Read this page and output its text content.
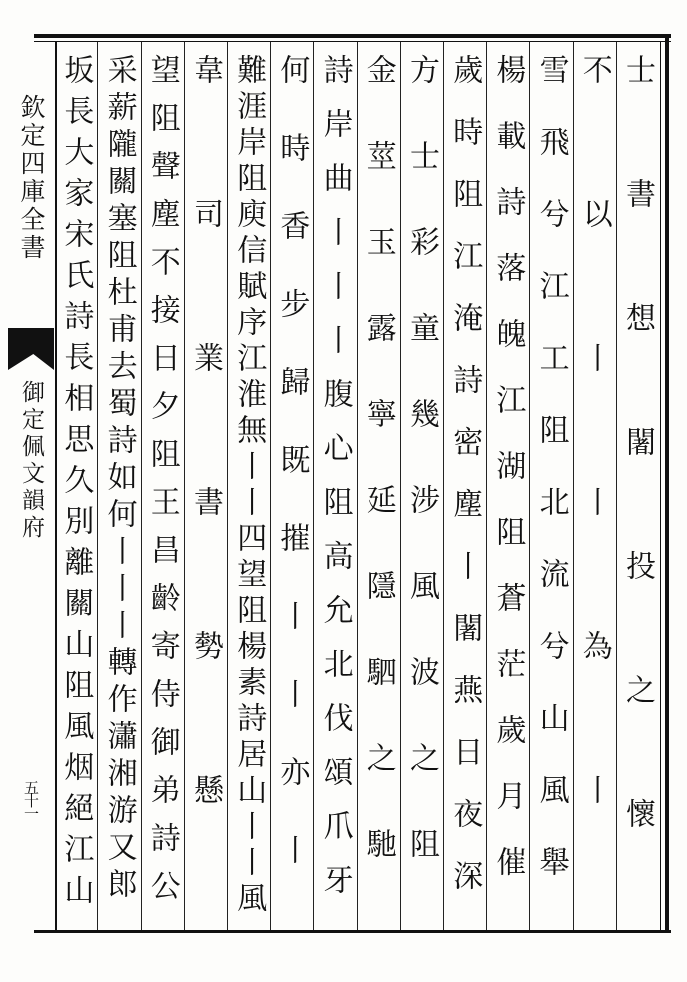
欽定四庫全書
御定佩文韻府
五十一	士書想闍投之懷
不以丨丨為丨
雪飛兮江工阻北流兮山風舉
楊載詩落魄江湖阻蒼茫歲月催
歲時阻江淹詩密塵丨闍燕日夜深
方士彩童幾涉風波之阻
金莖玉露寧延隱駟之馳
詩岸曲丨丨丨腹心阻高允北伐頌爪牙
何時香步歸既摧丨丨亦丨
難涯岸阻庾信賦序江淮無丨丨四望阻楊素詩居山丨丨風
韋司業書勢懸
望阻聲塵不接日夕阻王昌齡寄侍御弟詩公
采薪隴關塞阻杜甫去蜀詩如何丨丨丨轉作瀟湘游又郎
坂長大家宋氏詩長相思久別離關山阻風烟絕江山
